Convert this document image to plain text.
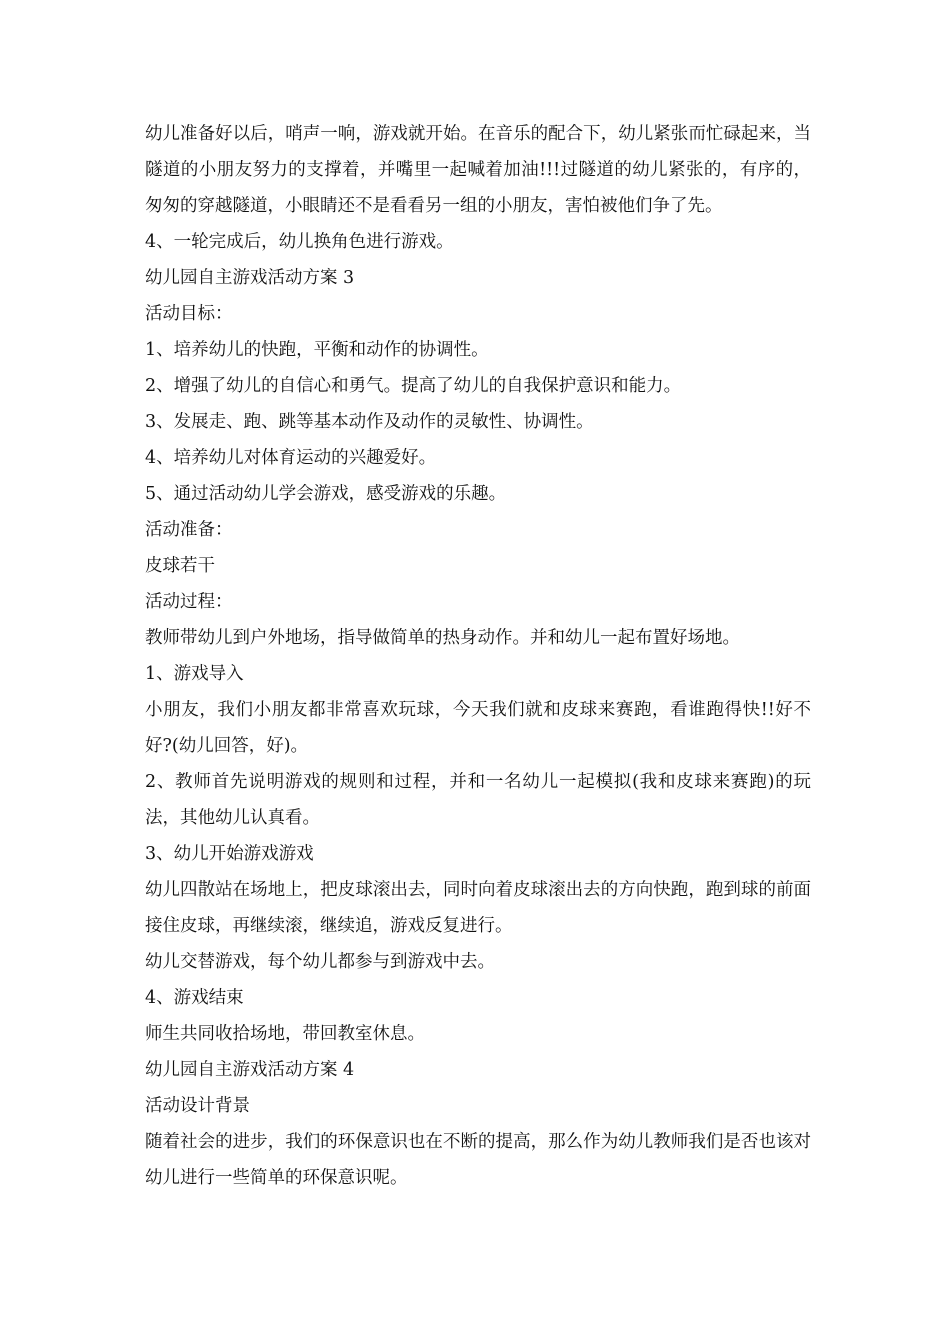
幼儿准备好以后，哨声一响，游戏就开始。在音乐的配合下，幼儿紧张而忙碌起来，当隧道的小朋友努力的支撑着，并嘴里一起喊着加油!!!过隧道的幼儿紧张的，有序的，匆匆的穿越隧道，小眼睛还不是看看另一组的小朋友，害怕被他们争了先。

4、一轮完成后，幼儿换角色进行游戏。

幼儿园自主游戏活动方案 3

活动目标：

1、培养幼儿的快跑，平衡和动作的协调性。

2、增强了幼儿的自信心和勇气。提高了幼儿的自我保护意识和能力。

3、发展走、跑、跳等基本动作及动作的灵敏性、协调性。

4、培养幼儿对体育运动的兴趣爱好。

5、通过活动幼儿学会游戏，感受游戏的乐趣。

活动准备：

皮球若干

活动过程：

教师带幼儿到户外地场，指导做简单的热身动作。并和幼儿一起布置好场地。

1、游戏导入

小朋友，我们小朋友都非常喜欢玩球，今天我们就和皮球来赛跑，看谁跑得快!!好不好?(幼儿回答，好)。

2、教师首先说明游戏的规则和过程，并和一名幼儿一起模拟(我和皮球来赛跑)的玩法，其他幼儿认真看。

3、幼儿开始游戏游戏

幼儿四散站在场地上，把皮球滚出去，同时向着皮球滚出去的方向快跑，跑到球的前面接住皮球，再继续滚，继续追，游戏反复进行。

幼儿交替游戏，每个幼儿都参与到游戏中去。

4、游戏结束

师生共同收拾场地，带回教室休息。

幼儿园自主游戏活动方案 4

活动设计背景

随着社会的进步，我们的环保意识也在不断的提高，那么作为幼儿教师我们是否也该对幼儿进行一些简单的环保意识呢。
